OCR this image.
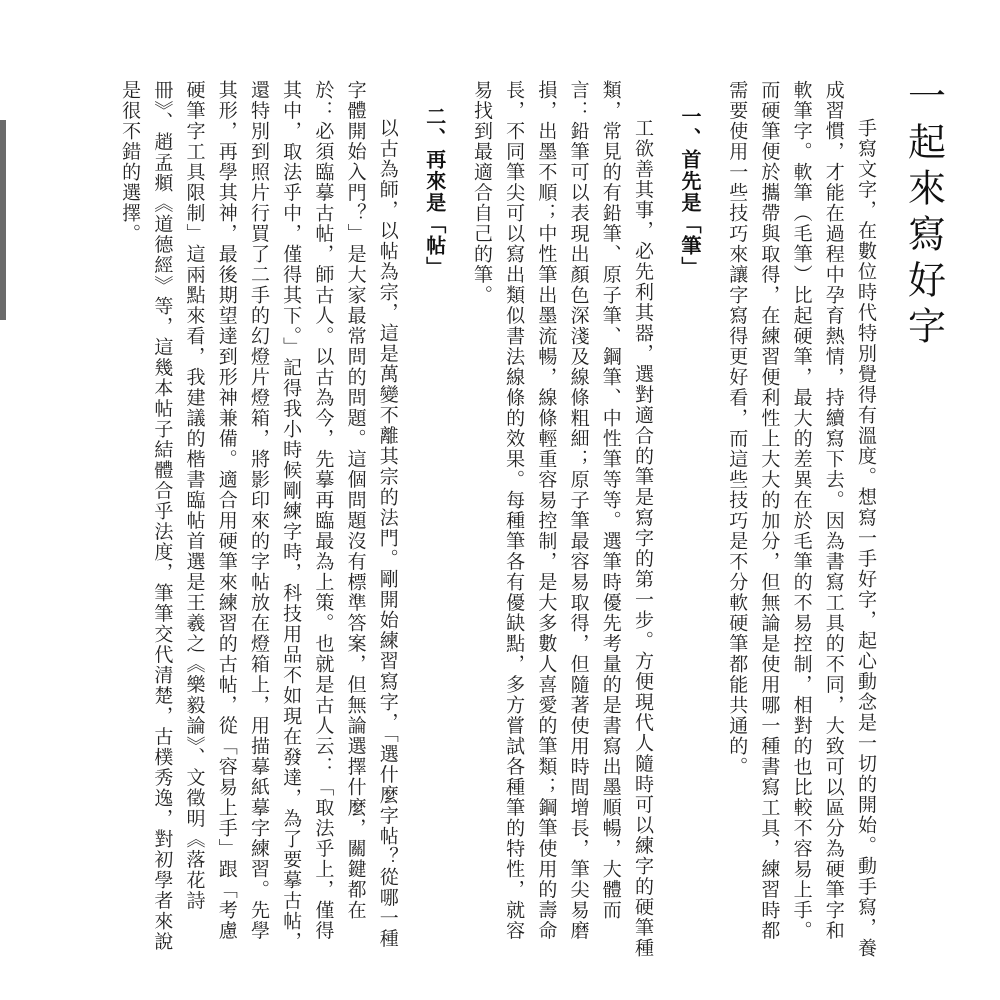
一起來寫好字

手寫文字，在數位時代特別覺得有溫度。想寫一手好字，起心動念是一切的開始。動手寫，養成習慣，才能在過程中孕育熱情，持續寫下去。因為書寫工具的不同，大致可以區分為硬筆字和軟筆字。軟筆（毛筆）比起硬筆，最大的差異在於毛筆的不易控制，相對的也比較不容易上手。而硬筆便於攜帶與取得，在練習便利性上大大的加分，但無論是使用哪一種書寫工具，練習時都需要使用一些技巧來讓字寫得更好看，而這些技巧是不分軟硬筆都能共通的。

一、首先是「筆」

工欲善其事，必先利其器，選對適合的筆是寫字的第一步。方便現代人隨時可以練字的硬筆種類，常見的有鉛筆、原子筆、鋼筆、中性筆等等。選筆時優先考量的是書寫出墨順暢，大體而言：鉛筆可以表現出顏色深淺及線條粗細；原子筆最容易取得，但隨著使用時間增長，筆尖易磨損，出墨不順；中性筆出墨流暢，線條輕重容易控制，是大多數人喜愛的筆類；鋼筆使用的壽命長，不同筆尖可以寫出類似書法線條的效果。每種筆各有優缺點，多方嘗試各種筆的特性，就容易找到最適合自己的筆。

二、再來是「帖」

以古為師，以帖為宗，這是萬變不離其宗的法門。剛開始練習寫字，「選什麼字帖？從哪一種字體開始入門？」是大家最常問的問題。這個問題沒有標準答案，但無論選擇什麼，關鍵都在於：必須臨摹古帖，師古人。以古為今，先摹再臨最為上策。也就是古人云：「取法乎上，僅得其中，取法乎中，僅得其下。」記得我小時候剛練字時，科技用品不如現在發達，為了要摹古帖，還特別到照片行買了二手的幻燈片燈箱，將影印來的字帖放在燈箱上，用描摹紙摹字練習。先學其形，再學其神，最後期望達到形神兼備。適合用硬筆來練習的古帖，從「容易上手」跟「考慮硬筆字工具限制」這兩點來看，我建議的楷書臨帖首選是王羲之《樂毅論》、文徵明《落花詩冊》、趙孟頫《道德經》等，這幾本帖子結體合乎法度，筆筆交代清楚，古樸秀逸，對初學者來說是很不錯的選擇。
